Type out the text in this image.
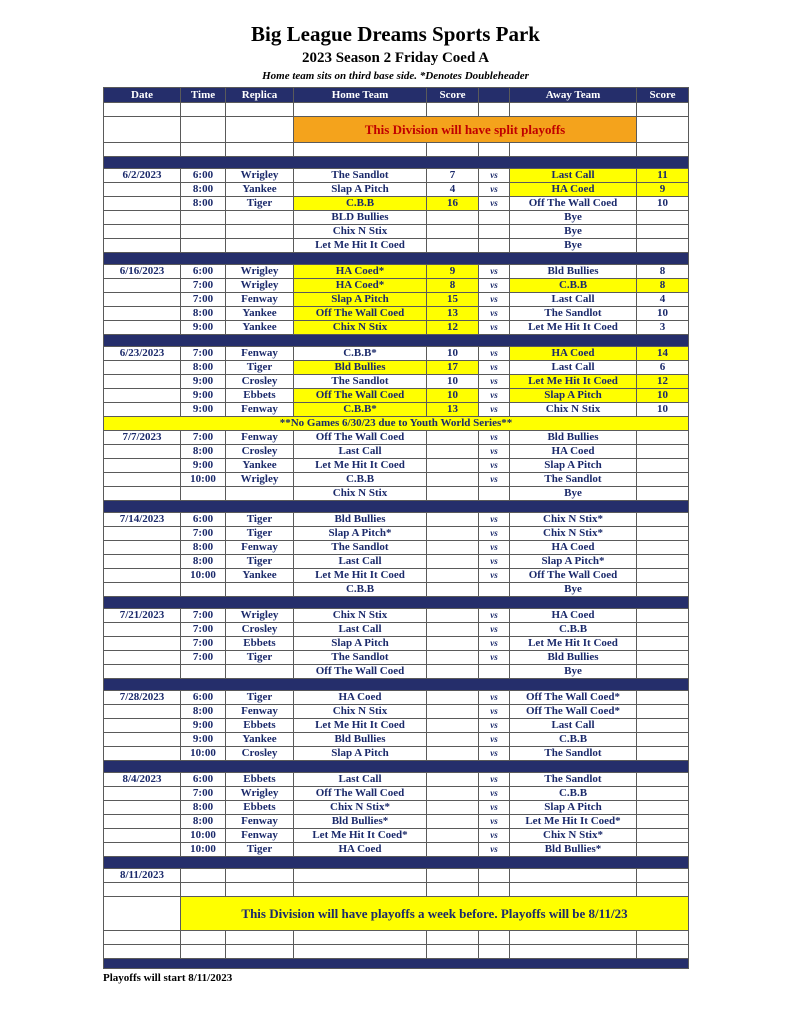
Big League Dreams Sports Park
2023 Season 2 Friday Coed A
Home team sits on third base side. *Denotes Doubleheader
Date	Time	Replica	Home Team	Score		Away Team	Score

			This Division will have split playoffs				

6/2/2023	6:00	Wrigley	The Sandlot	7	vs	Last Call	11
	8:00	Yankee	Slap A Pitch	4	vs	HA Coed	9
	8:00	Tiger	C.B.B	16	vs	Off The Wall Coed	10
			BLD Bullies			Bye	
			Chix N Stix			Bye	
			Let Me Hit It Coed			Bye	

6/16/2023	6:00	Wrigley	HA Coed*	9	vs	Bld Bullies	8
	7:00	Wrigley	HA Coed*	8	vs	C.B.B	8
	7:00	Fenway	Slap A Pitch	15	vs	Last Call	4
	8:00	Yankee	Off The Wall Coed	13	vs	The Sandlot	10
	9:00	Yankee	Chix N Stix	12	vs	Let Me Hit It Coed	3

6/23/2023	7:00	Fenway	C.B.B*	10	vs	HA Coed	14
	8:00	Tiger	Bld Bullies	17	vs	Last Call	6
	9:00	Crosley	The Sandlot	10	vs	Let Me Hit It Coed	12
	9:00	Ebbets	Off The Wall Coed	10	vs	Slap A Pitch	10
	9:00	Fenway	C.B.B*	13	vs	Chix N Stix	10
**No Games 6/30/23 due to Youth World Series**							
7/7/2023	7:00	Fenway	Off The Wall Coed		vs	Bld Bullies	
	8:00	Crosley	Last Call		vs	HA Coed	
	9:00	Yankee	Let Me Hit It Coed		vs	Slap A Pitch	
	10:00	Wrigley	C.B.B		vs	The Sandlot	
			Chix N Stix			Bye	

7/14/2023	6:00	Tiger	Bld Bullies		vs	Chix N Stix*	
	7:00	Tiger	Slap A Pitch*		vs	Chix N Stix*	
	8:00	Fenway	The Sandlot		vs	HA Coed	
	8:00	Tiger	Last Call		vs	Slap A Pitch*	
	10:00	Yankee	Let Me Hit It Coed		vs	Off The Wall Coed	
			C.B.B			Bye	

7/21/2023	7:00	Wrigley	Chix N Stix		vs	HA Coed	
	7:00	Crosley	Last Call		vs	C.B.B	
	7:00	Ebbets	Slap A Pitch		vs	Let Me Hit It Coed	
	7:00	Tiger	The Sandlot		vs	Bld Bullies	
			Off The Wall Coed			Bye	

7/28/2023	6:00	Tiger	HA Coed		vs	Off The Wall Coed*	
	8:00	Fenway	Chix N Stix		vs	Off The Wall Coed*	
	9:00	Ebbets	Let Me Hit It Coed		vs	Last Call	
	9:00	Yankee	Bld Bullies		vs	C.B.B	
	10:00	Crosley	Slap A Pitch		vs	The Sandlot	

8/4/2023	6:00	Ebbets	Last Call		vs	The Sandlot	
	7:00	Wrigley	Off The Wall Coed		vs	C.B.B	
	8:00	Ebbets	Chix N Stix*		vs	Slap A Pitch	
	8:00	Fenway	Bld Bullies*		vs	Let Me Hit It Coed*	
	10:00	Fenway	Let Me Hit It Coed*		vs	Chix N Stix*	
	10:00	Tiger	HA Coed		vs	Bld Bullies*	

8/11/2023							

	This Division will have playoffs a week before. Playoffs will be 8/11/23						

Playoffs will start 8/11/2023
